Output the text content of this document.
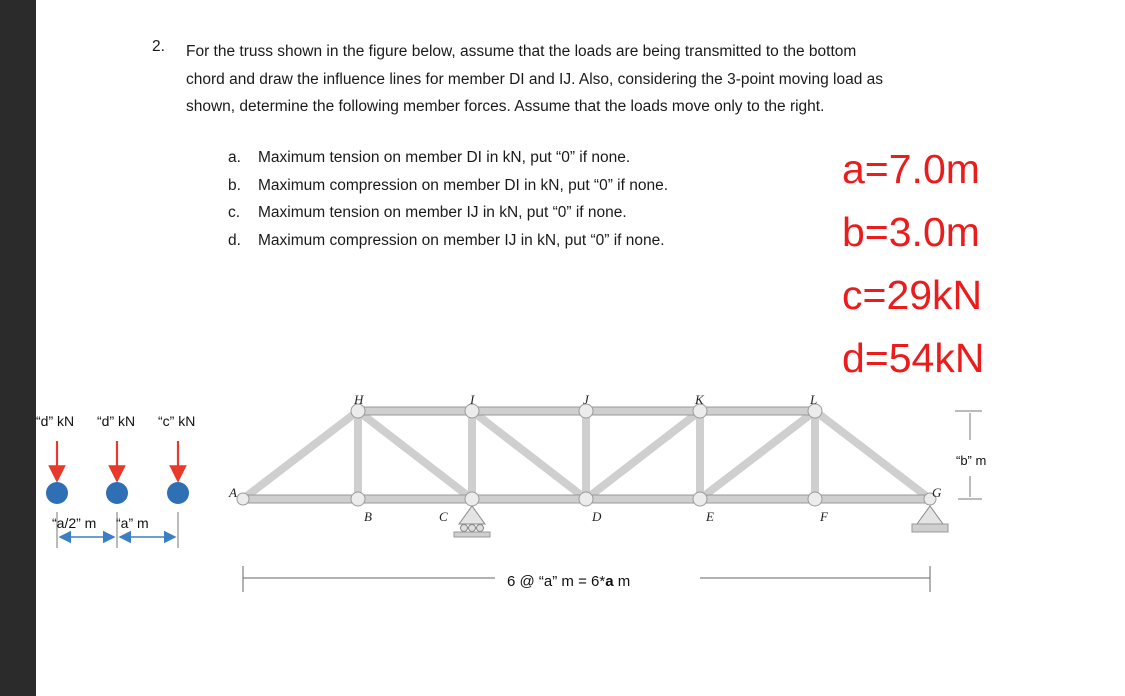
2. For the truss shown in the figure below, assume that the loads are being transmitted to the bottom
chord and draw the influence lines for member DI and IJ. Also, considering the 3-point moving load as
shown, determine the following member forces. Assume that the loads move only to the right.
a. Maximum tension on member DI in kN, put “0” if none.
b. Maximum compression on member DI in kN, put “0” if none.
c. Maximum tension on member IJ in kN, put “0” if none.
d. Maximum compression on member IJ in kN, put “0” if none.
a=7.0m
b=3.0m
c=29kN
d=54kN
“d” kN “d” kN “c” kN
“a/2” m “a” m
H	I	J	K	L
A
B	C	D	E	F
G
“b” m
6 @ “a” m = 6*a m
